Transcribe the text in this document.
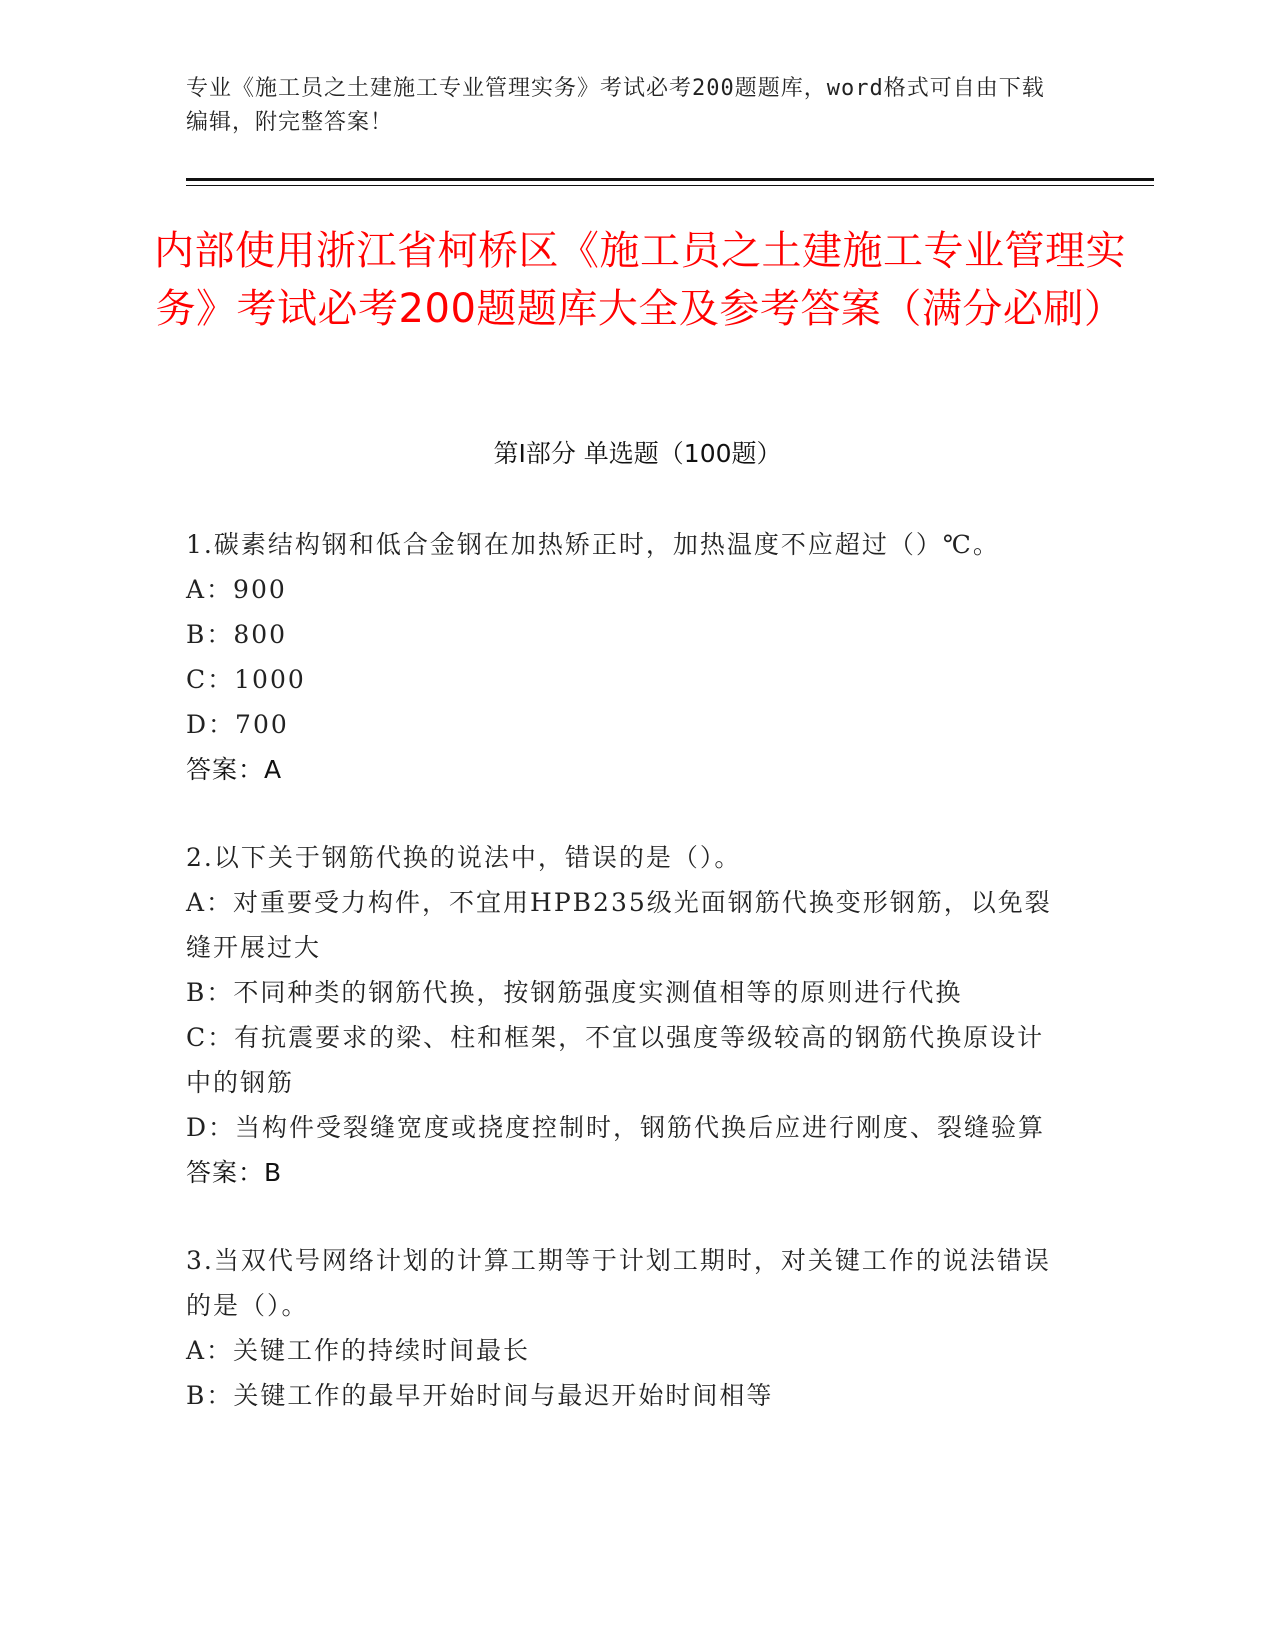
专业《施工员之土建施工专业管理实务》考试必考200题题库，word格式可自由下载编辑，附完整答案！
内部使用浙江省柯桥区《施工员之土建施工专业管理实务》考试必考200题题库大全及参考答案（满分必刷）
第Ⅰ部分 单选题（100题）
1.碳素结构钢和低合金钢在加热矫正时，加热温度不应超过（）℃。
A：900
B：800
C：1000
D：700
答案：A
2.以下关于钢筋代换的说法中，错误的是（）。
A：对重要受力构件，不宜用HPB235级光面钢筋代换变形钢筋，以免裂缝开展过大
B：不同种类的钢筋代换，按钢筋强度实测值相等的原则进行代换
C：有抗震要求的梁、柱和框架，不宜以强度等级较高的钢筋代换原设计中的钢筋
D：当构件受裂缝宽度或挠度控制时，钢筋代换后应进行刚度、裂缝验算
答案：B
3.当双代号网络计划的计算工期等于计划工期时，对关键工作的说法错误的是（）。
A：关键工作的持续时间最长
B：关键工作的最早开始时间与最迟开始时间相等
